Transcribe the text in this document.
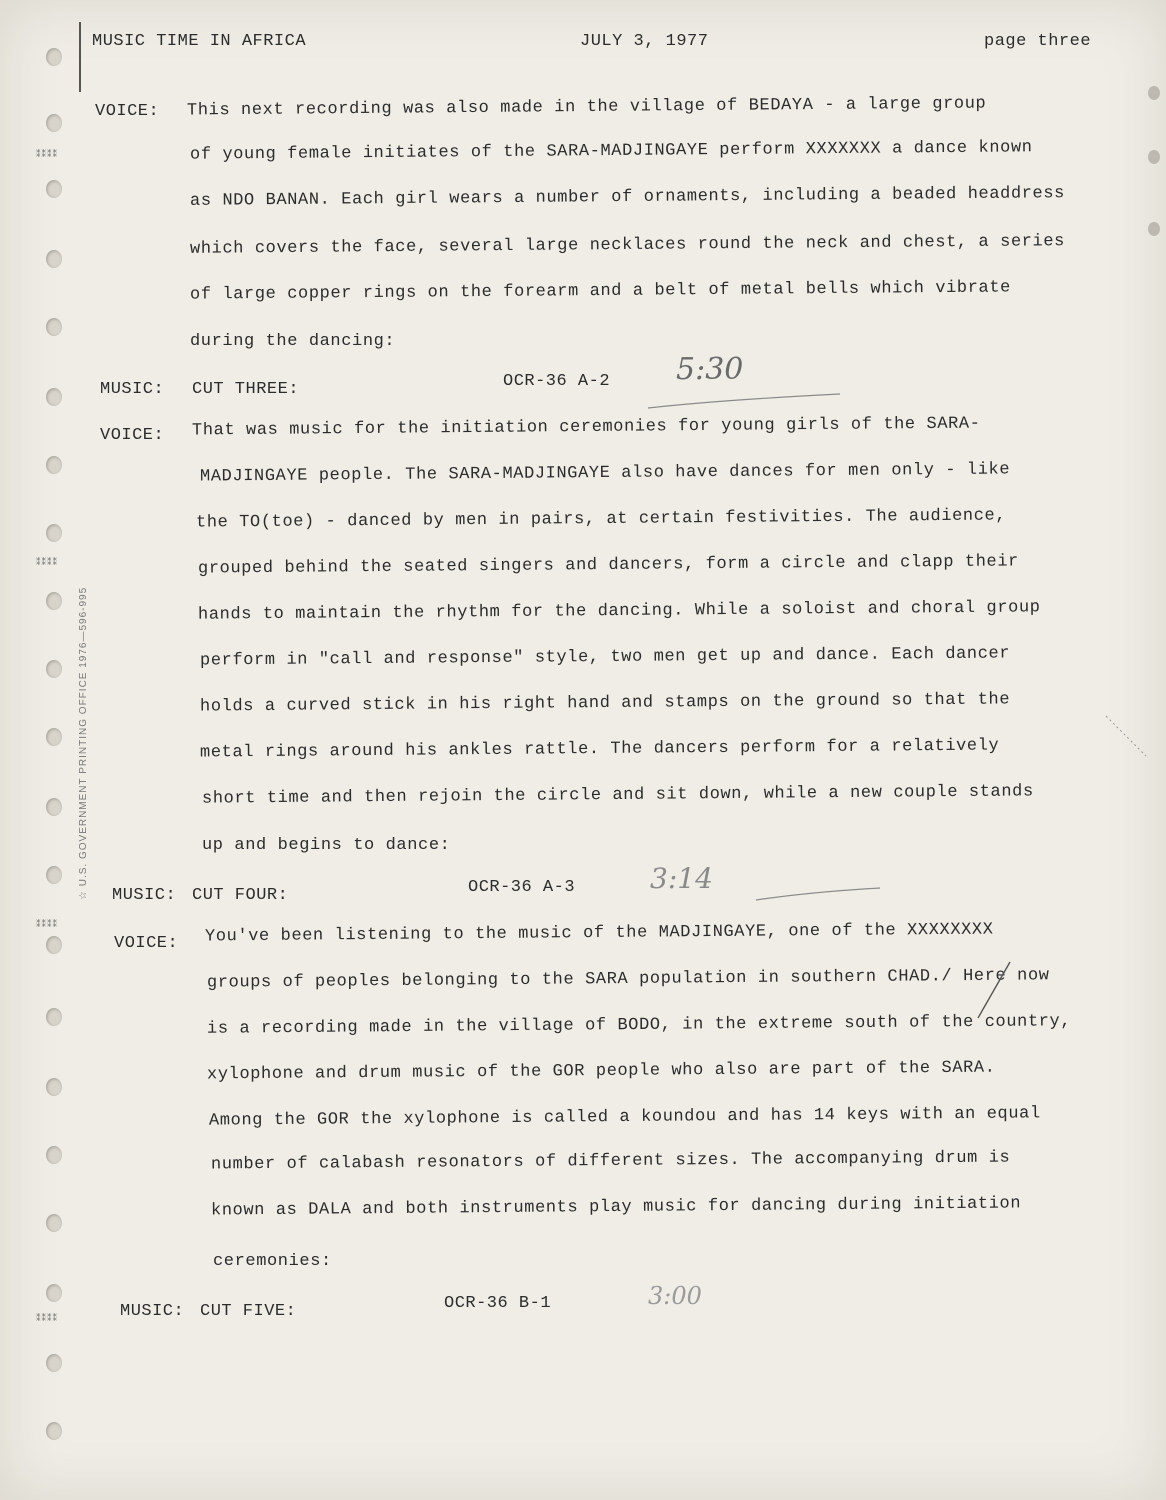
⁑⁑⁑⁑
⁑⁑⁑⁑
⁑⁑⁑⁑
⁑⁑⁑⁑
☆ U.S. GOVERNMENT PRINTING OFFICE 1976—596-995
MUSIC TIME IN AFRICA	JULY 3, 1977	page three
VOICE: This next recording was also made in the village of BEDAYA - a large group
of young female initiates of the SARA-MADJINGAYE perform XXXXXXX a dance known
as NDO BANAN. Each girl wears a number of ornaments, including a beaded headdress
which covers the face, several large necklaces round the neck and chest, a series
of large copper rings on the forearm and a belt of metal bells which vibrate
during the dancing:
MUSIC: CUT THREE:	OCR-36 A-2 5:30
VOICE: That was music for the initiation ceremonies for young girls of the SARA-
MADJINGAYE people. The SARA-MADJINGAYE also have dances for men only - like
the TO(toe) - danced by men in pairs, at certain festivities. The audience,
grouped behind the seated singers and dancers, form a circle and clapp their
hands to maintain the rhythm for the dancing. While a soloist and choral group
perform in "call and response" style, two men get up and dance. Each dancer
holds a curved stick in his right hand and stamps on the ground so that the
metal rings around his ankles rattle. The dancers perform for a relatively
short time and then rejoin the circle and sit down, while a new couple stands
up and begins to dance:
MUSIC: CUT FOUR:	OCR-36 A-3	3:14
VOICE: You've been listening to the music of the MADJINGAYE, one of the XXXXXXXX
groups of peoples belonging to the SARA population in southern CHAD./ Here now
is a recording made in the village of BODO, in the extreme south of the country,
xylophone and drum music of the GOR people who also are part of the SARA.
Among the GOR the xylophone is called a koundou and has 14 keys with an equal
number of calabash resonators of different sizes. The accompanying drum is
known as DALA and both instruments play music for dancing during initiation
ceremonies:
MUSIC: CUT FIVE:	OCR-36 B-1	3:00
